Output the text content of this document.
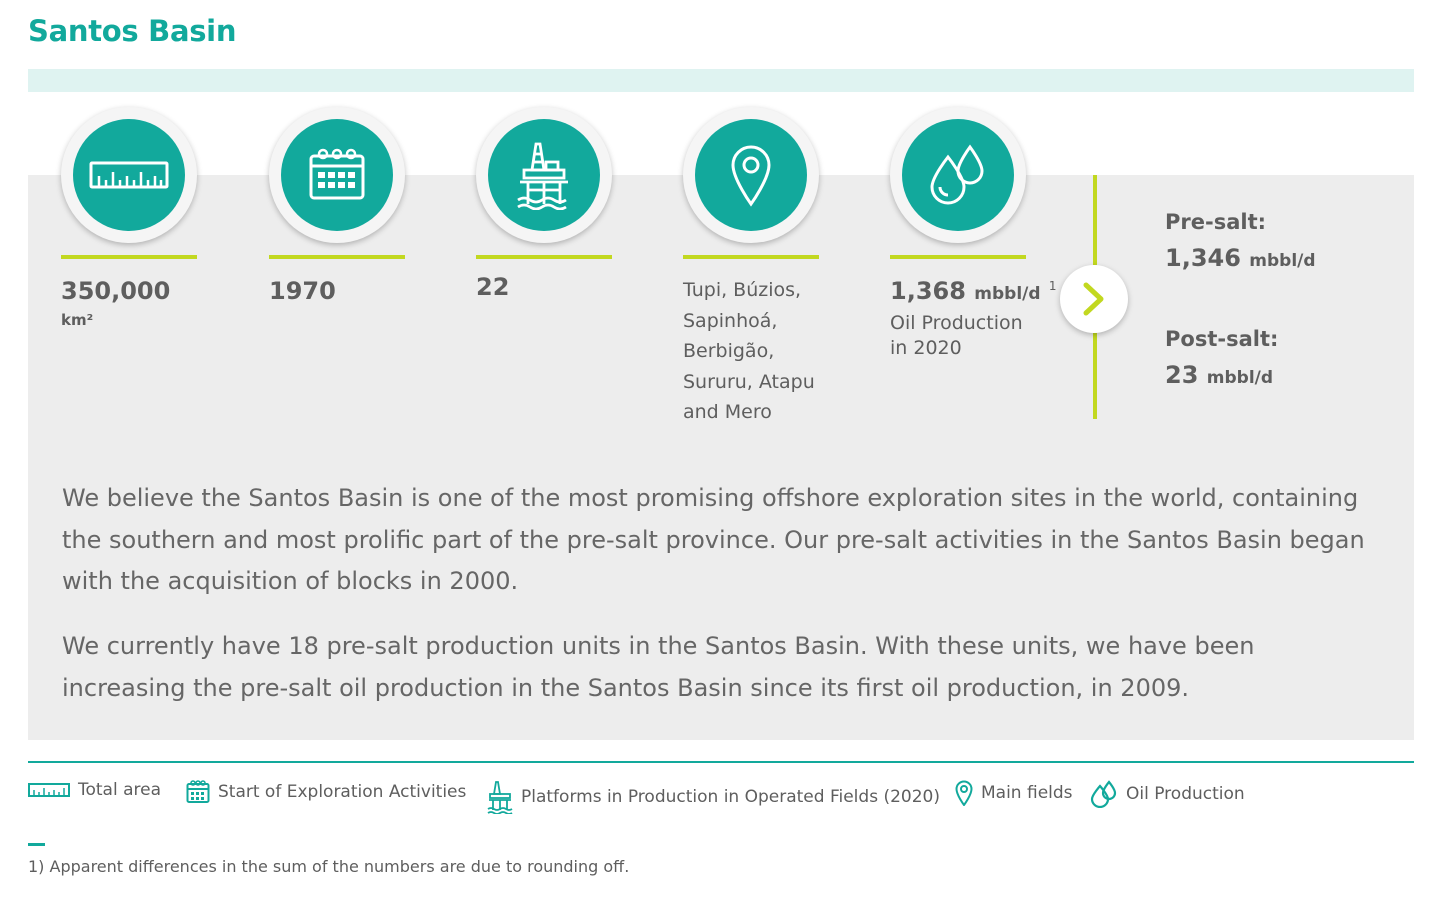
Santos Basin
350,000
km²
1970	22	Tupi, Búzios,
Sapinhoá,
Berbigão,
Sururu, Atapu
and Mero
1,368 mbbl/d $^1$
Oil Production
in 2020
Pre-salt:
1,346 mbbl/d
Post-salt:
23 mbbl/d

We believe the Santos Basin is one of the most promising offshore exploration sites in the world, containing the southern and most prolific part of the pre-salt province. Our pre-salt activities in the Santos Basin began with the acquisition of blocks in 2000.

We currently have 18 pre-salt production units in the Santos Basin. With these units, we have been increasing the pre-salt oil production in the Santos Basin since its first oil production, in 2009.

Total area	Start of Exploration Activities	Platforms in Production in Operated Fields (2020) Main fields	Oil Production
1) Apparent differences in the sum of the numbers are due to rounding off.
